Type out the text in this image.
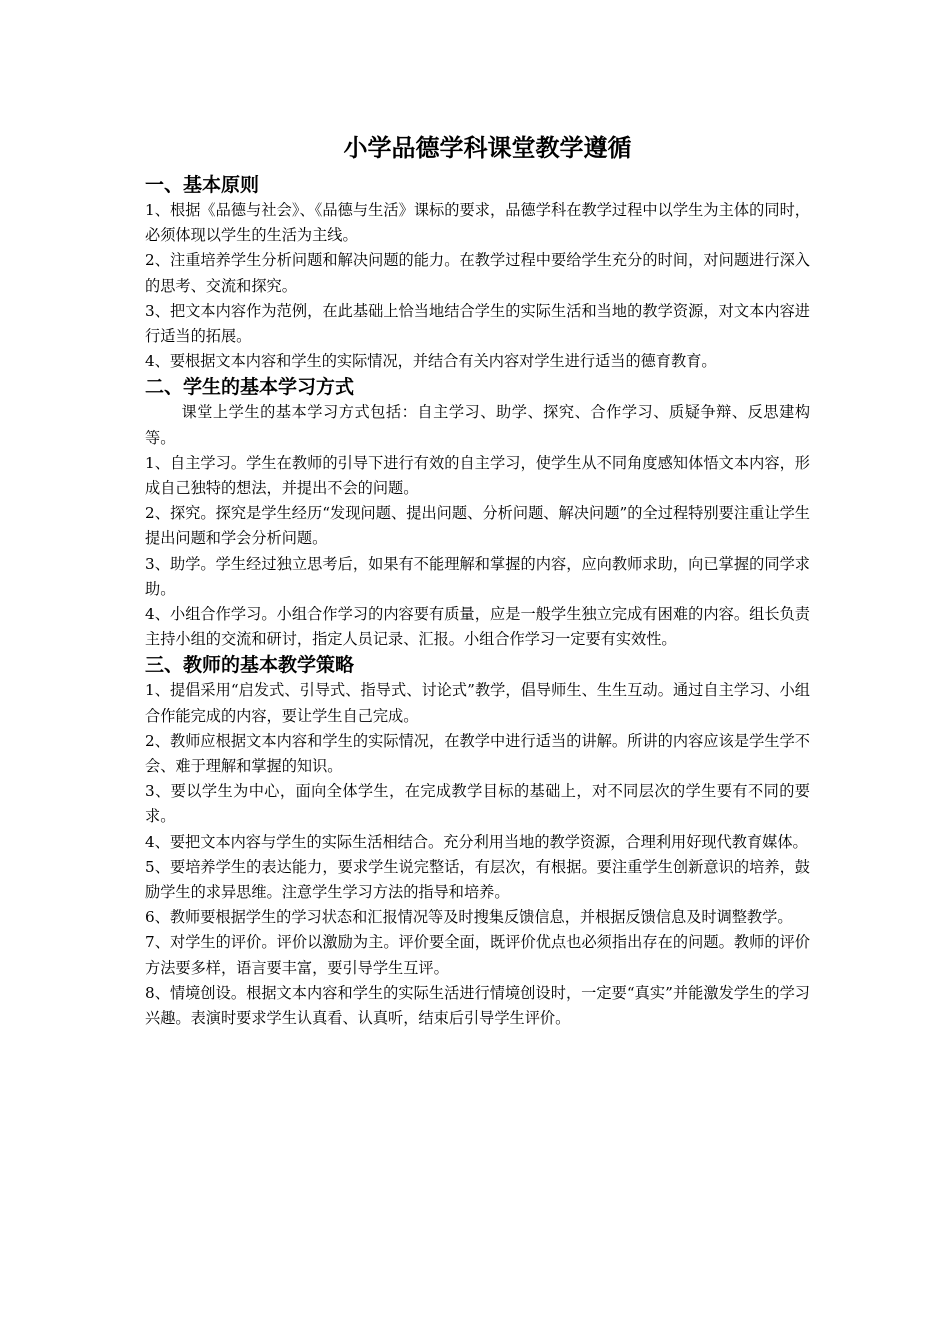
小学品德学科课堂教学遵循
一、基本原则

1、根据《品德与社会》、《品德与生活》课标的要求，品德学科在教学过程中以学生为主体的同时，必须体现以学生的生活为主线。

2、注重培养学生分析问题和解决问题的能力。在教学过程中要给学生充分的时间，对问题进行深入的思考、交流和探究。

3、把文本内容作为范例，在此基础上恰当地结合学生的实际生活和当地的教学资源，对文本内容进行适当的拓展。

4、要根据文本内容和学生的实际情况，并结合有关内容对学生进行适当的德育教育。

二、学生的基本学习方式

课堂上学生的基本学习方式包括：自主学习、助学、探究、合作学习、质疑争辩、反思建构等。

1、自主学习。学生在教师的引导下进行有效的自主学习，使学生从不同角度感知体悟文本内容，形成自己独特的想法，并提出不会的问题。

2、探究。探究是学生经历“发现问题、提出问题、分析问题、解决问题”的全过程特别要注重让学生提出问题和学会分析问题。

3、助学。学生经过独立思考后，如果有不能理解和掌握的内容，应向教师求助，向已掌握的同学求助。

4、小组合作学习。小组合作学习的内容要有质量，应是一般学生独立完成有困难的内容。组长负责主持小组的交流和研讨，指定人员记录、汇报。小组合作学习一定要有实效性。

三、教师的基本教学策略

1、提倡采用“启发式、引导式、指导式、讨论式”教学，倡导师生、生生互动。通过自主学习、小组合作能完成的内容，要让学生自己完成。

2、教师应根据文本内容和学生的实际情况，在教学中进行适当的讲解。所讲的内容应该是学生学不会、难于理解和掌握的知识。

3、要以学生为中心，面向全体学生，在完成教学目标的基础上，对不同层次的学生要有不同的要求。

4、要把文本内容与学生的实际生活相结合。充分利用当地的教学资源，合理利用好现代教育媒体。

5、要培养学生的表达能力，要求学生说完整话，有层次，有根据。要注重学生创新意识的培养，鼓励学生的求异思维。注意学生学习方法的指导和培养。

6、教师要根据学生的学习状态和汇报情况等及时搜集反馈信息，并根据反馈信息及时调整教学。

7、对学生的评价。评价以激励为主。评价要全面，既评价优点也必须指出存在的问题。教师的评价方法要多样，语言要丰富，要引导学生互评。

8、情境创设。根据文本内容和学生的实际生活进行情境创设时，一定要“真实”并能激发学生的学习兴趣。表演时要求学生认真看、认真听，结束后引导学生评价。
